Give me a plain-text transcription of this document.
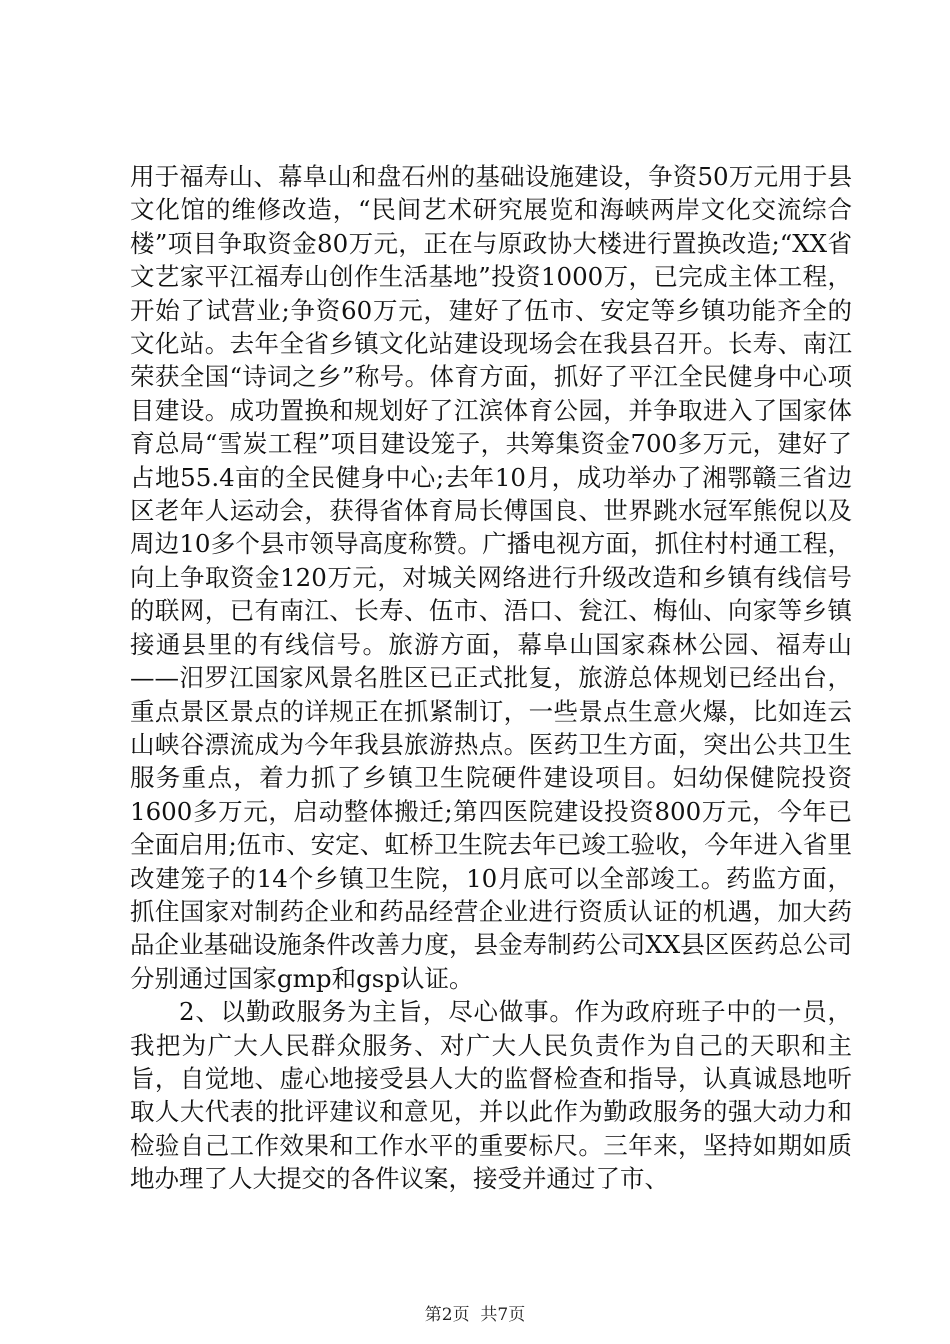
用于福寿山、幕阜山和盘石州的基础设施建设，争资50万元用于县文化馆的维修改造，“民间艺术研究展览和海峡两岸文化交流综合楼”项目争取资金80万元，正在与原政协大楼进行置换改造;“XX省文艺家平江福寿山创作生活基地”投资1000万，已完成主体工程，开始了试营业;争资60万元，建好了伍市、安定等乡镇功能齐全的文化站。去年全省乡镇文化站建设现场会在我县召开。长寿、南江荣获全国“诗词之乡”称号。体育方面，抓好了平江全民健身中心项目建设。成功置换和规划好了江滨体育公园，并争取进入了国家体育总局“雪炭工程”项目建设笼子，共筹集资金700多万元，建好了占地55.4亩的全民健身中心;去年10月，成功举办了湘鄂赣三省边区老年人运动会，获得省体育局长傅国良、世界跳水冠军熊倪以及周边10多个县市领导高度称赞。广播电视方面，抓住村村通工程，向上争取资金120万元，对城关网络进行升级改造和乡镇有线信号的联网，已有南江、长寿、伍市、浯口、瓮江、梅仙、向家等乡镇接通县里的有线信号。旅游方面，幕阜山国家森林公园、福寿山——汨罗江国家风景名胜区已正式批复，旅游总体规划已经出台，重点景区景点的详规正在抓紧制订，一些景点生意火爆，比如连云山峡谷漂流成为今年我县旅游热点。医药卫生方面，突出公共卫生服务重点，着力抓了乡镇卫生院硬件建设项目。妇幼保健院投资1600多万元，启动整体搬迁;第四医院建设投资800万元，今年已全面启用;伍市、安定、虹桥卫生院去年已竣工验收，今年进入省里改建笼子的14个乡镇卫生院，10月底可以全部竣工。药监方面，抓住国家对制药企业和药品经营企业进行资质认证的机遇，加大药品企业基础设施条件改善力度，县金寿制药公司XX县区医药总公司分别通过国家gmp和gsp认证。

2、以勤政服务为主旨，尽心做事。作为政府班子中的一员，我把为广大人民群众服务、对广大人民负责作为自己的天职和主旨，自觉地、虚心地接受县人大的监督检查和指导，认真诚恳地听取人大代表的批评建议和意见，并以此作为勤政服务的强大动力和检验自己工作效果和工作水平的重要标尺。三年来，坚持如期如质地办理了人大提交的各件议案，接受并通过了市、

第2页  共7页
